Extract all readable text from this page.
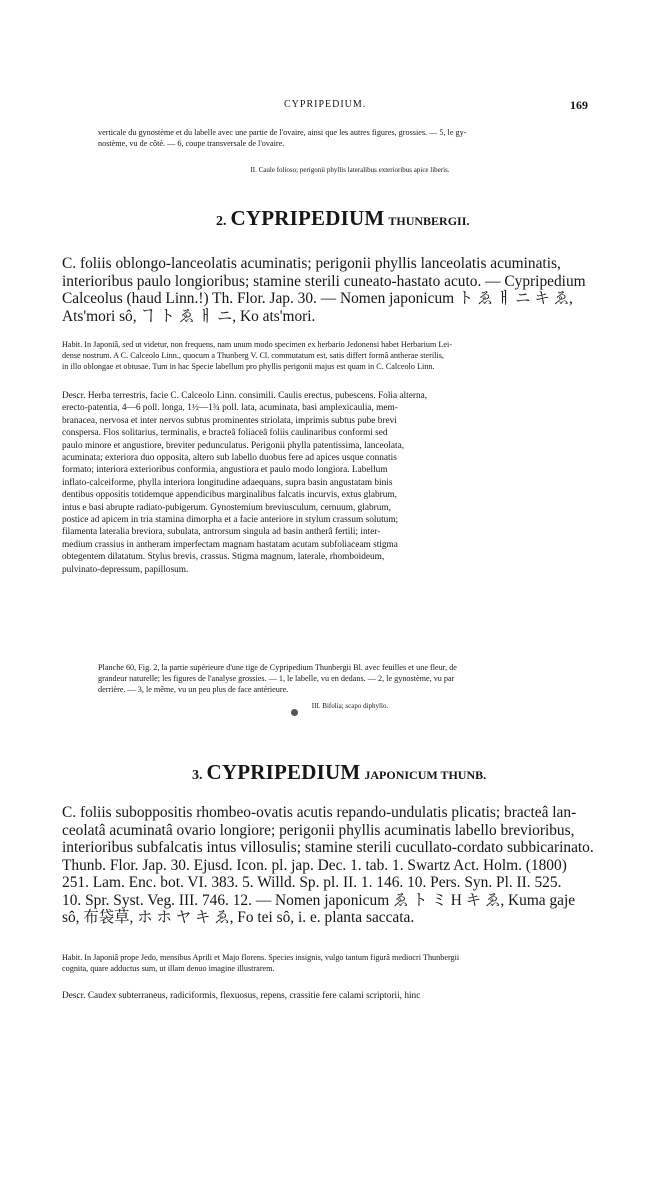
CYPRIPEDIUM.	169
verticale du gynostème et du labelle avec une partie de l'ovaire, ainsi que les autres figures, grossies. — 5, le gy-
nostème, vu de côté. — 6, coupe transversale de l'ovaire.
II. Caule folioso; perigonii phyllis lateralibus exterioribus apice liberis.
2. CYPRIPEDIUM THUNBERGII.
C. foliis oblongo-lanceolatis acuminatis; perigonii phyllis lanceolatis acuminatis,
interioribus paulo longioribus; stamine sterili cuneato-hastato acuto. — Cypripedium
Calceolus (haud Linn.!) Th. Flor. Jap. 30. — Nomen japonicum ト ゑ ㅐ ニ キ ゑ,
Ats'mori sô, ヿ ト ゑ ㅐ ニ, Ko ats'mori.
Habit. In Japoniâ, sed ut videtur, non frequens, nam unum modo specimen ex herbario Jedonensi habet Herbarium Lei-
dense nostrum. A C. Calceolo Linn., quocum a Thunberg V. Cl. commutatum est, satis differt formâ antherae sterilis,
in illo oblongae et obtusae. Tum in hac Specie labellum pro phyllis perigonii majus est quam in C. Calceolo Linn.
Descr. Herba terrestris, facie C. Calceolo Linn. consimili. Caulis erectus, pubescens. Folia alterna,
erecto-patentia, 4—6 poll. longa, 1½—1¾ poll. lata, acuminata, basi amplexicaulia, mem-
branacea, nervosa et inter nervos subtus prominentes striolata, imprimis subtus pube brevi
conspersa. Flos solitarius, terminalis, e bracteâ foliaceâ foliis caulinaribus conformi sed
paulo minore et angustiore, breviter pedunculatus. Perigonii phylla patentissima, lanceolata,
acuminata; exteriora duo opposita, altero sub labello duobus fere ad apices usque connatis
formato; interiora exterioribus conformia, angustiora et paulo modo longiora. Labellum
inflato-calceiforme, phylla interiora longitudine adaequans, supra basin angustatam binis
dentibus oppositis totidemque appendicibus marginalibus falcatis incurvis, extus glabrum,
intus e basi abrupte radiato-pubigerum. Gynostemium breviusculum, cernuum, glabrum,
postice ad apicem in tria stamina dimorpha et a facie anteriore in stylum crassum solutum;
filamenta lateralia breviora, subulata, antrorsum singula ad basin antherâ fertili; inter-
medium crassius in antheram imperfectam magnam hastatam acutam subfoliaceam stigma
obtegentem dilatatum. Stylus brevis, crassus. Stigma magnum, laterale, rhomboideum,
pulvinato-depressum, papillosum.
Planche 60, Fig. 2, la partie supérieure d'une tige de Cypripedium Thunbergii Bl. avec feuilles et une fleur, de
grandeur naturelle; les figures de l'analyse grossies. — 1, le labelle, vu en dedans. — 2, le gynostème, vu par
derrière. — 3, le même, vu un peu plus de face antérieure.
III. Bifolia; scapo diphyllo.
3. CYPRIPEDIUM JAPONICUM THUNB.
C. foliis suboppositis rhombeo-ovatis acutis repando-undulatis plicatis; bracteâ lan-
ceolatâ acuminatâ ovario longiore; perigonii phyllis acuminatis labello brevioribus,
interioribus subfalcatis intus villosulis; stamine sterili cucullato-cordato subbicarinato.
Thunb. Flor. Jap. 30. Ejusd. Icon. pl. jap. Dec. 1. tab. 1. Swartz Act. Holm. (1800)
251. Lam. Enc. bot. VI. 383. 5. Willd. Sp. pl. II. 1. 146. 10. Pers. Syn. Pl. II. 525.
10. Spr. Syst. Veg. III. 746. 12. — Nomen japonicum ゑ ト ミ H キ ゑ, Kuma gaje
sô, 布袋草, ホ ホ ヤ キ ゑ, Fo tei sô, i. e. planta saccata.
Habit. In Japoniâ prope Jedo, mensibus Aprili et Majo florens. Species insignis, vulgo tantum figurâ mediocri Thunbergii
cognita, quare adductus sum, ut illam denuo imagine illustrarem.
Descr. Caudex subterraneus, radiciformis, flexuosus, repens, crassitie fere calami scriptorii, hinc
